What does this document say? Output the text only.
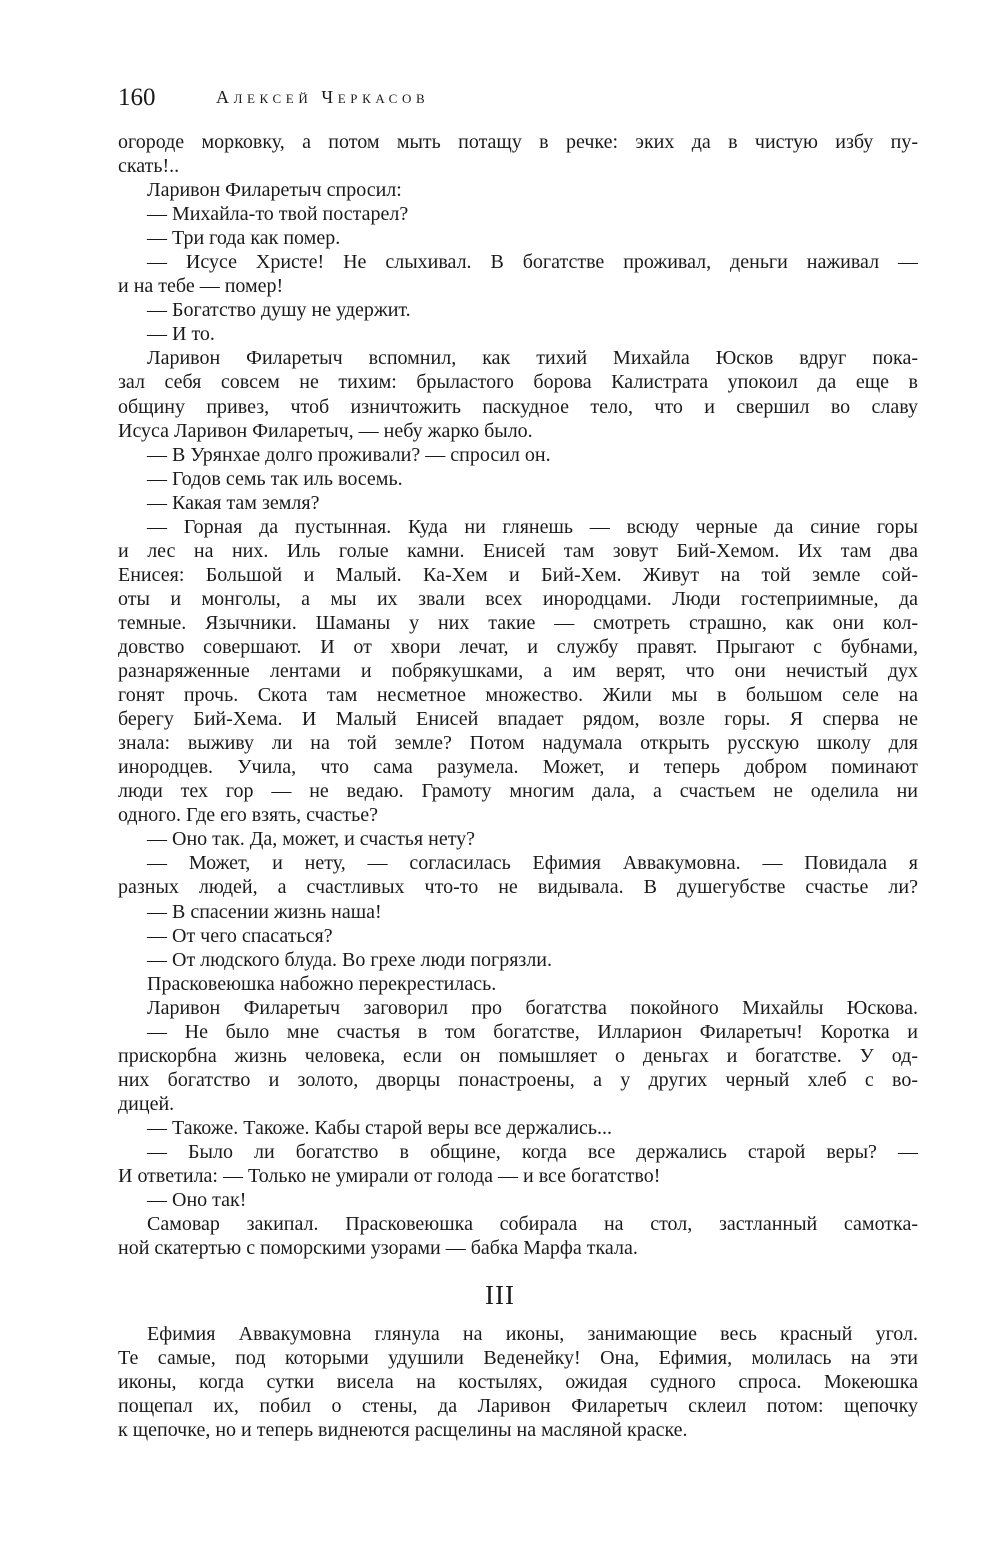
160	Алексей Черкасов
огороде морковку, а потом мыть потащу в речке: эких да в чистую избу пу-
скать!..
Ларивон Филаретыч спросил:
— Михайла-то твой постарел?
— Три года как помер.
— Исусе Христе! Не слыхивал. В богатстве проживал, деньги наживал —
и на тебе — помер!
— Богатство душу не удержит.
— И то.
Ларивон Филаретыч вспомнил, как тихий Михайла Юсков вдруг пока-
зал себя совсем не тихим: брыластого борова Калистрата упокоил да еще в
общину привез, чтоб изничтожить паскудное тело, что и свершил во славу
Исуса Ларивон Филаретыч, — небу жарко было.
— В Урянхае долго проживали? — спросил он.
— Годов семь так иль восемь.
— Какая там земля?
— Горная да пустынная. Куда ни глянешь — всюду черные да синие горы
и лес на них. Иль голые камни. Енисей там зовут Бий-Хемом. Их там два
Енисея: Большой и Малый. Ка-Хем и Бий-Хем. Живут на той земле сой-
оты и монголы, а мы их звали всех инородцами. Люди гостеприимные, да
темные. Язычники. Шаманы у них такие — смотреть страшно, как они кол-
довство совершают. И от хвори лечат, и службу правят. Прыгают с бубнами,
разнаряженные лентами и побрякушками, а им верят, что они нечистый дух
гонят прочь. Скота там несметное множество. Жили мы в большом селе на
берегу Бий-Хема. И Малый Енисей впадает рядом, возле горы. Я сперва не
знала: выживу ли на той земле? Потом надумала открыть русскую школу для
инородцев. Учила, что сама разумела. Может, и теперь добром поминают
люди тех гор — не ведаю. Грамоту многим дала, а счастьем не оделила ни
одного. Где его взять, счастье?
— Оно так. Да, может, и счастья нету?
— Может, и нету, — согласилась Ефимия Аввакумовна. — Повидала я
разных людей, а счастливых что-то не видывала. В душегубстве счастье ли?
— В спасении жизнь наша!
— От чего спасаться?
— От людского блуда. Во грехе люди погрязли.
Прасковеюшка набожно перекрестилась.
Ларивон Филаретыч заговорил про богатства покойного Михайлы Юскова.
— Не было мне счастья в том богатстве, Илларион Филаретыч! Коротка и
прискорбна жизнь человека, если он помышляет о деньгах и богатстве. У од-
них богатство и золото, дворцы понастроены, а у других черный хлеб с во-
дицей.
— Такоже. Такоже. Кабы старой веры все держались...
— Было ли богатство в общине, когда все держались старой веры? —
И ответила: — Только не умирали от голода — и все богатство!
— Оно так!
Самовар закипал. Прасковеюшка собирала на стол, застланный самотка-
ной скатертью с поморскими узорами — бабка Марфа ткала.
III
Ефимия Аввакумовна глянула на иконы, занимающие весь красный угол.
Те самые, под которыми удушили Веденейку! Она, Ефимия, молилась на эти
иконы, когда сутки висела на костылях, ожидая судного спроса. Мокеюшка
пощепал их, побил о стены, да Ларивон Филаретыч склеил потом: щепочку
к щепочке, но и теперь виднеются расщелины на масляной краске.
